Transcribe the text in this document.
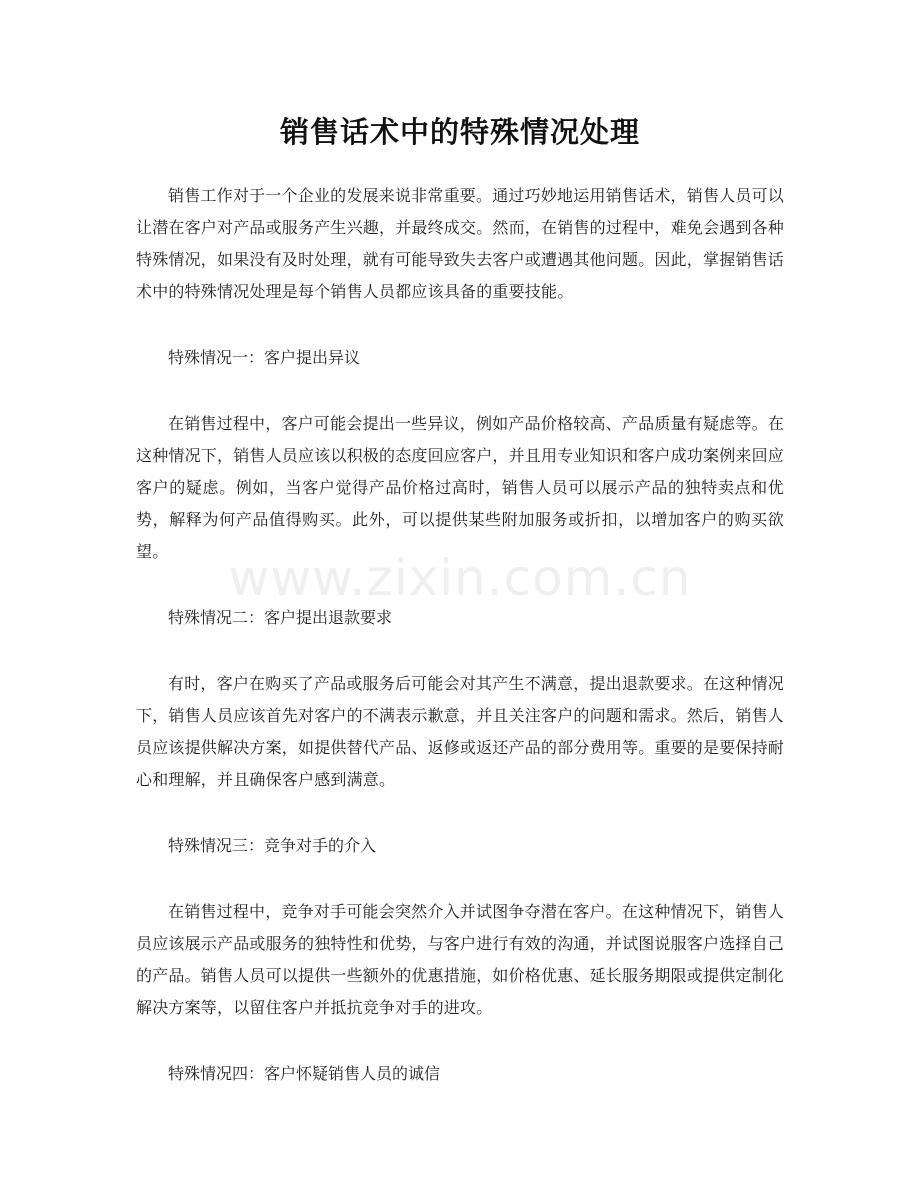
销售话术中的特殊情况处理

销售工作对于一个企业的发展来说非常重要。通过巧妙地运用销售话术，销售人员可以让潜在客户对产品或服务产生兴趣，并最终成交。然而，在销售的过程中，难免会遇到各种特殊情况，如果没有及时处理，就有可能导致失去客户或遭遇其他问题。因此，掌握销售话术中的特殊情况处理是每个销售人员都应该具备的重要技能。

特殊情况一：客户提出异议

在销售过程中，客户可能会提出一些异议，例如产品价格较高、产品质量有疑虑等。在这种情况下，销售人员应该以积极的态度回应客户，并且用专业知识和客户成功案例来回应客户的疑虑。例如，当客户觉得产品价格过高时，销售人员可以展示产品的独特卖点和优势，解释为何产品值得购买。此外，可以提供某些附加服务或折扣，以增加客户的购买欲望。

特殊情况二：客户提出退款要求

有时，客户在购买了产品或服务后可能会对其产生不满意，提出退款要求。在这种情况下，销售人员应该首先对客户的不满表示歉意，并且关注客户的问题和需求。然后，销售人员应该提供解决方案，如提供替代产品、返修或返还产品的部分费用等。重要的是要保持耐心和理解，并且确保客户感到满意。

特殊情况三：竞争对手的介入

在销售过程中，竞争对手可能会突然介入并试图争夺潜在客户。在这种情况下，销售人员应该展示产品或服务的独特性和优势，与客户进行有效的沟通，并试图说服客户选择自己的产品。销售人员可以提供一些额外的优惠措施，如价格优惠、延长服务期限或提供定制化解决方案等，以留住客户并抵抗竞争对手的进攻。

特殊情况四：客户怀疑销售人员的诚信

www.zixin.com.cn
